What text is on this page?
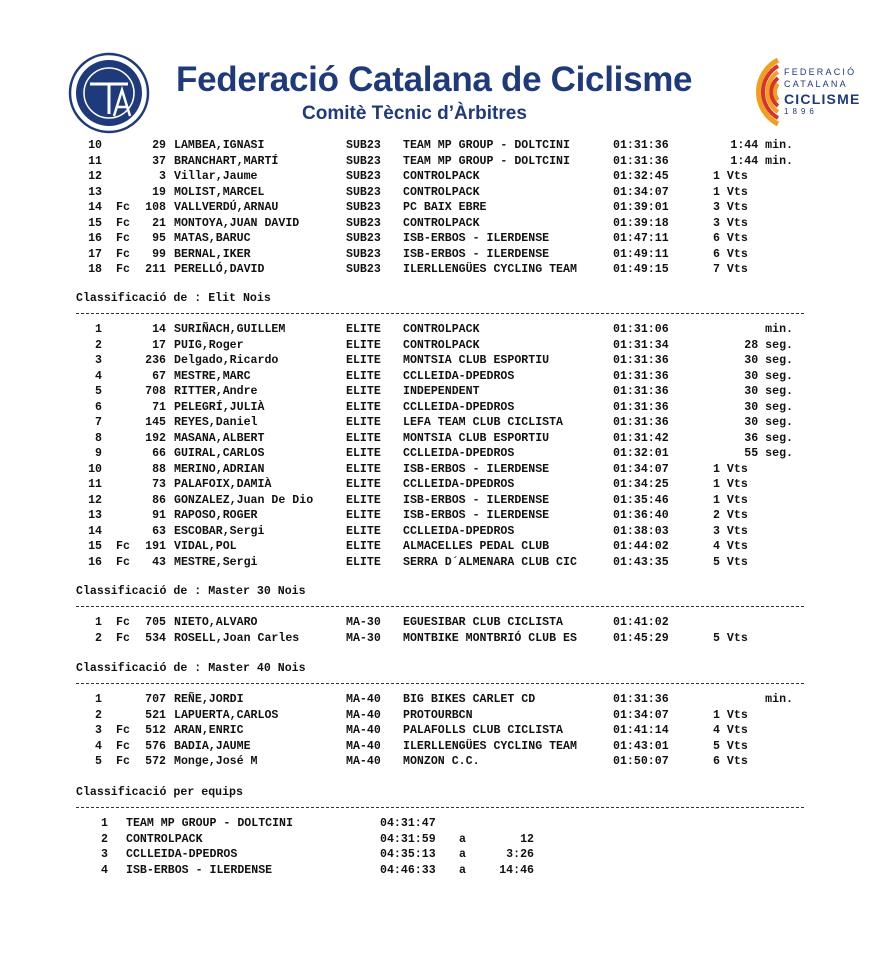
Federació Catalana de Ciclisme
Comitè Tècnic d’Àrbitres
FEDERACIÓ
CATALANA
CICLISME
1896
Classificació de : Elit Nois
Classificació de : Master 30 Nois
Classificació de : Master 40 Nois
Classificació per equips
10	29 LAMBEA,IGNASI	SUB23 TEAM MP GROUP - DOLTCINI	01:31:36	1:44 min.
11	37 BRANCHART,MARTÍ	SUB23 TEAM MP GROUP - DOLTCINI	01:31:36	1:44 min.
12	3 Villar,Jaume	SUB23 CONTROLPACK	01:32:45	1 Vts
13	19 MOLIST,MARCEL	SUB23 CONTROLPACK	01:34:07	1 Vts
14 Fc	108 VALLVERDÚ,ARNAU	SUB23 PC BAIX EBRE	01:39:01	3 Vts
15 Fc	21 MONTOYA,JUAN DAVID	SUB23 CONTROLPACK	01:39:18	3 Vts
16 Fc	95 MATAS,BARUC	SUB23 ISB-ERBOS - ILERDENSE	01:47:11	6 Vts
17 Fc	99 BERNAL,IKER	SUB23 ISB-ERBOS - ILERDENSE	01:49:11	6 Vts
18 Fc	211 PERELLÓ,DAVID	SUB23 ILERLLENGÜES CYCLING TEAM	01:49:15	7 Vts
1	14 SURIÑACH,GUILLEM	ELITE CONTROLPACK	01:31:06	min.
2	17 PUIG,Roger	ELITE CONTROLPACK	01:31:34	28 seg.
3	236 Delgado,Ricardo	ELITE MONTSIA CLUB ESPORTIU	01:31:36	30 seg.
4	67 MESTRE,MARC	ELITE CCLLEIDA-DPEDROS	01:31:36	30 seg.
5	708 RITTER,Andre	ELITE INDEPENDENT	01:31:36	30 seg.
6	71 PELEGRÍ,JULIÀ	ELITE CCLLEIDA-DPEDROS	01:31:36	30 seg.
7	145 REYES,Daniel	ELITE LEFA TEAM CLUB CICLISTA	01:31:36	30 seg.
8	192 MASANA,ALBERT	ELITE MONTSIA CLUB ESPORTIU	01:31:42	36 seg.
9	66 GUIRAL,CARLOS	ELITE CCLLEIDA-DPEDROS	01:32:01	55 seg.
10	88 MERINO,ADRIAN	ELITE ISB-ERBOS - ILERDENSE	01:34:07	1 Vts
11	73 PALAFOIX,DAMIÀ	ELITE CCLLEIDA-DPEDROS	01:34:25	1 Vts
12	86 GONZALEZ,Juan De Dio	ELITE ISB-ERBOS - ILERDENSE	01:35:46	1 Vts
13	91 RAPOSO,ROGER	ELITE ISB-ERBOS - ILERDENSE	01:36:40	2 Vts
14	63 ESCOBAR,Sergi	ELITE CCLLEIDA-DPEDROS	01:38:03	3 Vts
15 Fc	191 VIDAL,POL	ELITE ALMACELLES PEDAL CLUB	01:44:02	4 Vts
16 Fc	43 MESTRE,Sergi	ELITE SERRA D´ALMENARA CLUB CIC	01:43:35	5 Vts
1 Fc	705 NIETO,ALVARO	MA-30 EGUESIBAR CLUB CICLISTA	01:41:02
2 Fc	534 ROSELL,Joan Carles	MA-30 MONTBIKE MONTBRIÓ CLUB ES	01:45:29	5 Vts
1	707 REÑE,JORDI	MA-40 BIG BIKES CARLET CD	01:31:36	min.
2	521 LAPUERTA,CARLOS	MA-40 PROTOURBCN	01:34:07	1 Vts
3 Fc	512 ARAN,ENRIC	MA-40 PALAFOLLS CLUB CICLISTA	01:41:14	4 Vts
4 Fc	576 BADIA,JAUME	MA-40 ILERLLENGÜES CYCLING TEAM	01:43:01	5 Vts
5 Fc	572 Monge,José M	MA-40 MONZON C.C.	01:50:07	6 Vts
1 TEAM MP GROUP - DOLTCINI	04:31:47
2 CONTROLPACK	04:31:59 a	12
3 CCLLEIDA-DPEDROS	04:35:13 a	3:26
4 ISB-ERBOS - ILERDENSE	04:46:33 a	14:46
